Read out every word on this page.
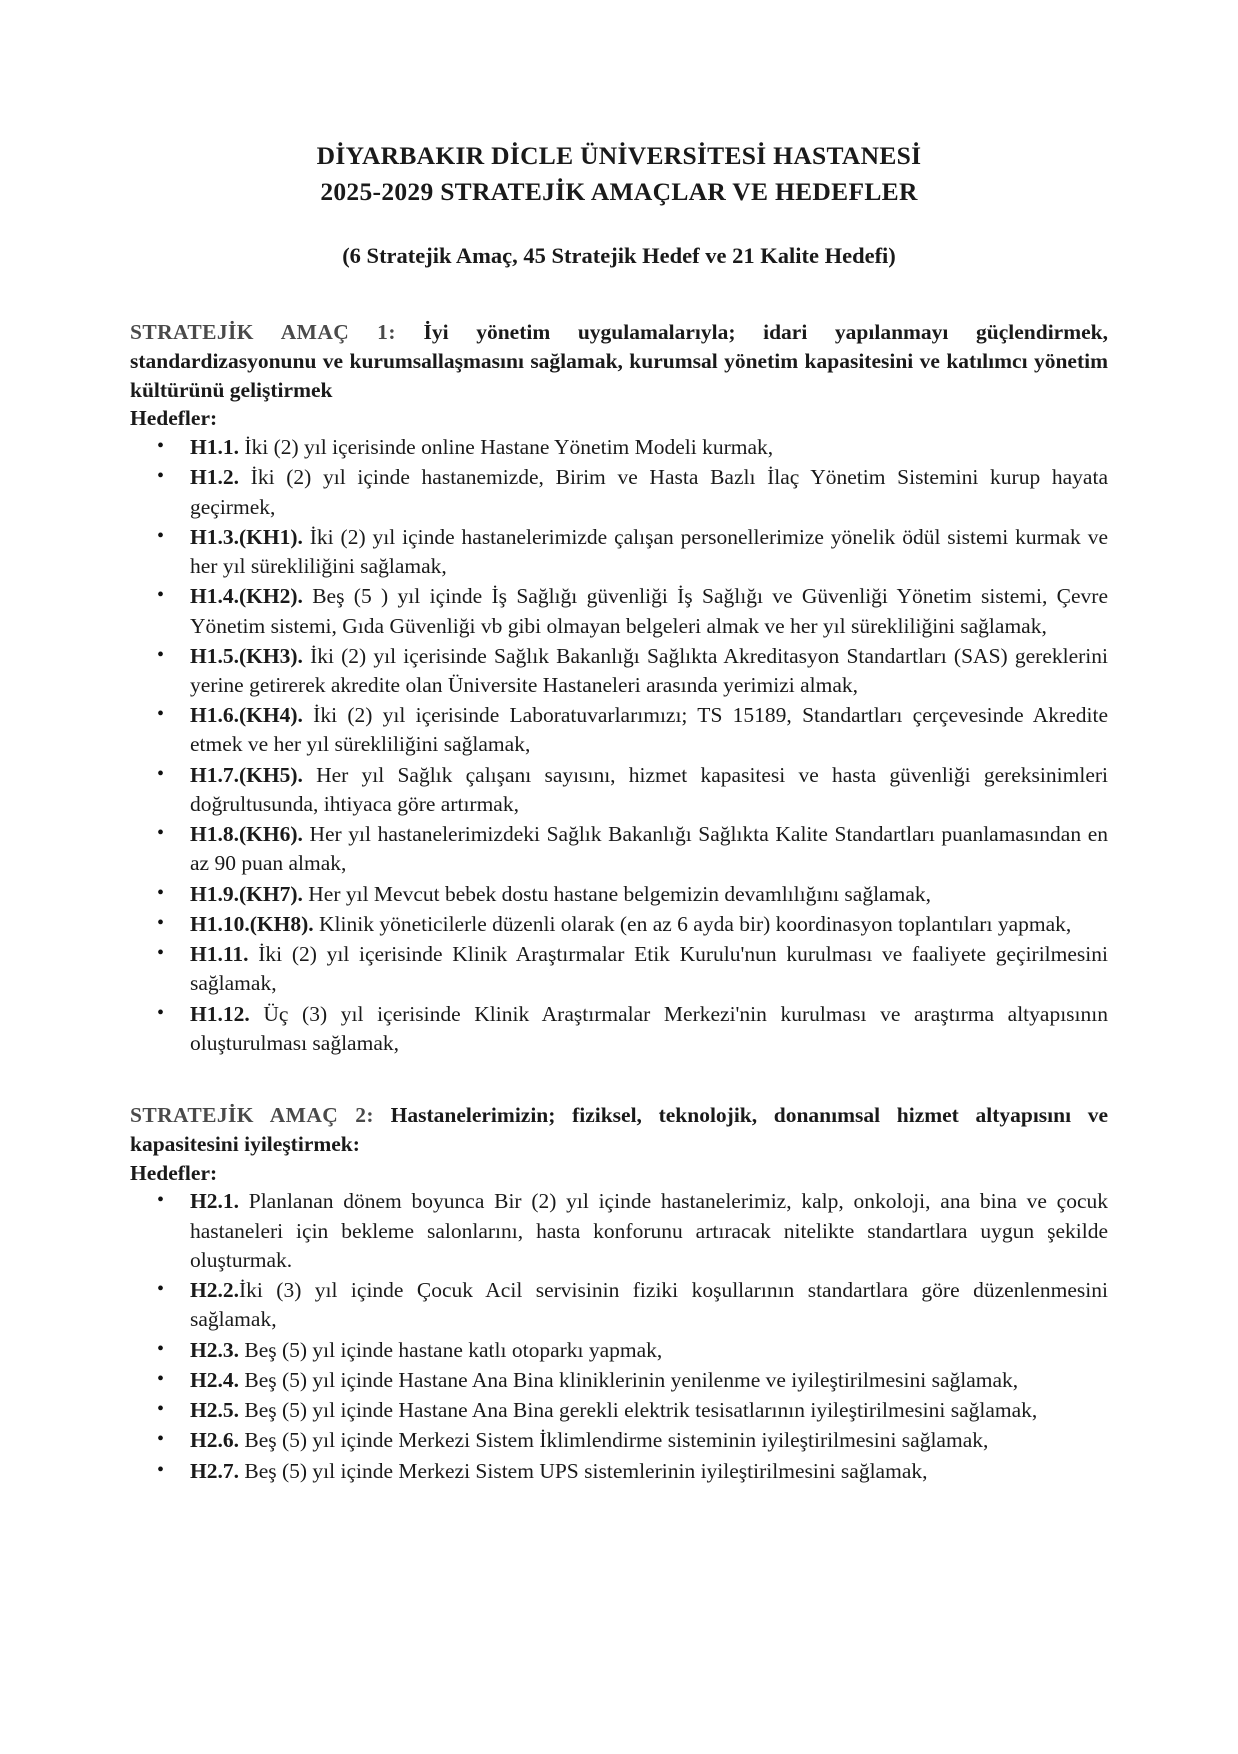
DİYARBAKIR DİCLE ÜNİVERSİTESİ HASTANESİ
2025-2029 STRATEJİK AMAÇLAR VE HEDEFLER
(6 Stratejik Amaç, 45 Stratejik Hedef ve 21 Kalite Hedefi)

STRATEJİK AMAÇ 1: İyi yönetim uygulamalarıyla; idari yapılanmayı güçlendirmek, standardizasyonunu ve kurumsallaşmasını sağlamak, kurumsal yönetim kapasitesini ve katılımcı yönetim kültürünü geliştirmek

Hedefler:

• H1.1. İki (2) yıl içerisinde online Hastane Yönetim Modeli kurmak,
• H1.2. İki (2) yıl içinde hastanemizde, Birim ve Hasta Bazlı İlaç Yönetim Sistemini kurup hayata geçirmek,
• H1.3.(KH1). İki (2) yıl içinde hastanelerimizde çalışan personellerimize yönelik ödül sistemi kurmak ve her yıl sürekliliğini sağlamak,
• H1.4.(KH2). Beş (5 ) yıl içinde İş Sağlığı güvenliği İş Sağlığı ve Güvenliği Yönetim sistemi, Çevre Yönetim sistemi, Gıda Güvenliği vb gibi olmayan belgeleri almak ve her yıl sürekliliğini sağlamak,
• H1.5.(KH3). İki (2) yıl içerisinde Sağlık Bakanlığı Sağlıkta Akreditasyon Standartları (SAS) gereklerini yerine getirerek akredite olan Üniversite Hastaneleri arasında yerimizi almak,
• H1.6.(KH4). İki (2) yıl içerisinde Laboratuvarlarımızı; TS 15189, Standartları çerçevesinde Akredite etmek ve her yıl sürekliliğini sağlamak,
• H1.7.(KH5). Her yıl Sağlık çalışanı sayısını, hizmet kapasitesi ve hasta güvenliği gereksinimleri doğrultusunda, ihtiyaca göre artırmak,
• H1.8.(KH6). Her yıl hastanelerimizdeki Sağlık Bakanlığı Sağlıkta Kalite Standartları puanlamasından en az 90 puan almak,
• H1.9.(KH7). Her yıl Mevcut bebek dostu hastane belgemizin devamlılığını sağlamak,
• H1.10.(KH8). Klinik yöneticilerle düzenli olarak (en az 6 ayda bir) koordinasyon toplantıları yapmak,
• H1.11. İki (2) yıl içerisinde Klinik Araştırmalar Etik Kurulu'nun kurulması ve faaliyete geçirilmesini sağlamak,
• H1.12. Üç (3) yıl içerisinde Klinik Araştırmalar Merkezi'nin kurulması ve araştırma altyapısının oluşturulması sağlamak,

STRATEJİK AMAÇ 2: Hastanelerimizin; fiziksel, teknolojik, donanımsal hizmet altyapısını ve kapasitesini iyileştirmek:

Hedefler:

• H2.1. Planlanan dönem boyunca Bir (2) yıl içinde hastanelerimiz, kalp, onkoloji, ana bina ve çocuk hastaneleri için bekleme salonlarını, hasta konforunu artıracak nitelikte standartlara uygun şekilde oluşturmak.
• H2.2.İki (3) yıl içinde Çocuk Acil servisinin fiziki koşullarının standartlara göre düzenlenmesini sağlamak,
• H2.3. Beş (5) yıl içinde hastane katlı otoparkı yapmak,
• H2.4. Beş (5) yıl içinde Hastane Ana Bina kliniklerinin yenilenme ve iyileştirilmesini sağlamak,
• H2.5. Beş (5) yıl içinde Hastane Ana Bina gerekli elektrik tesisatlarının iyileştirilmesini sağlamak,
• H2.6. Beş (5) yıl içinde Merkezi Sistem İklimlendirme sisteminin iyileştirilmesini sağlamak,
• H2.7. Beş (5) yıl içinde Merkezi Sistem UPS sistemlerinin iyileştirilmesini sağlamak,
